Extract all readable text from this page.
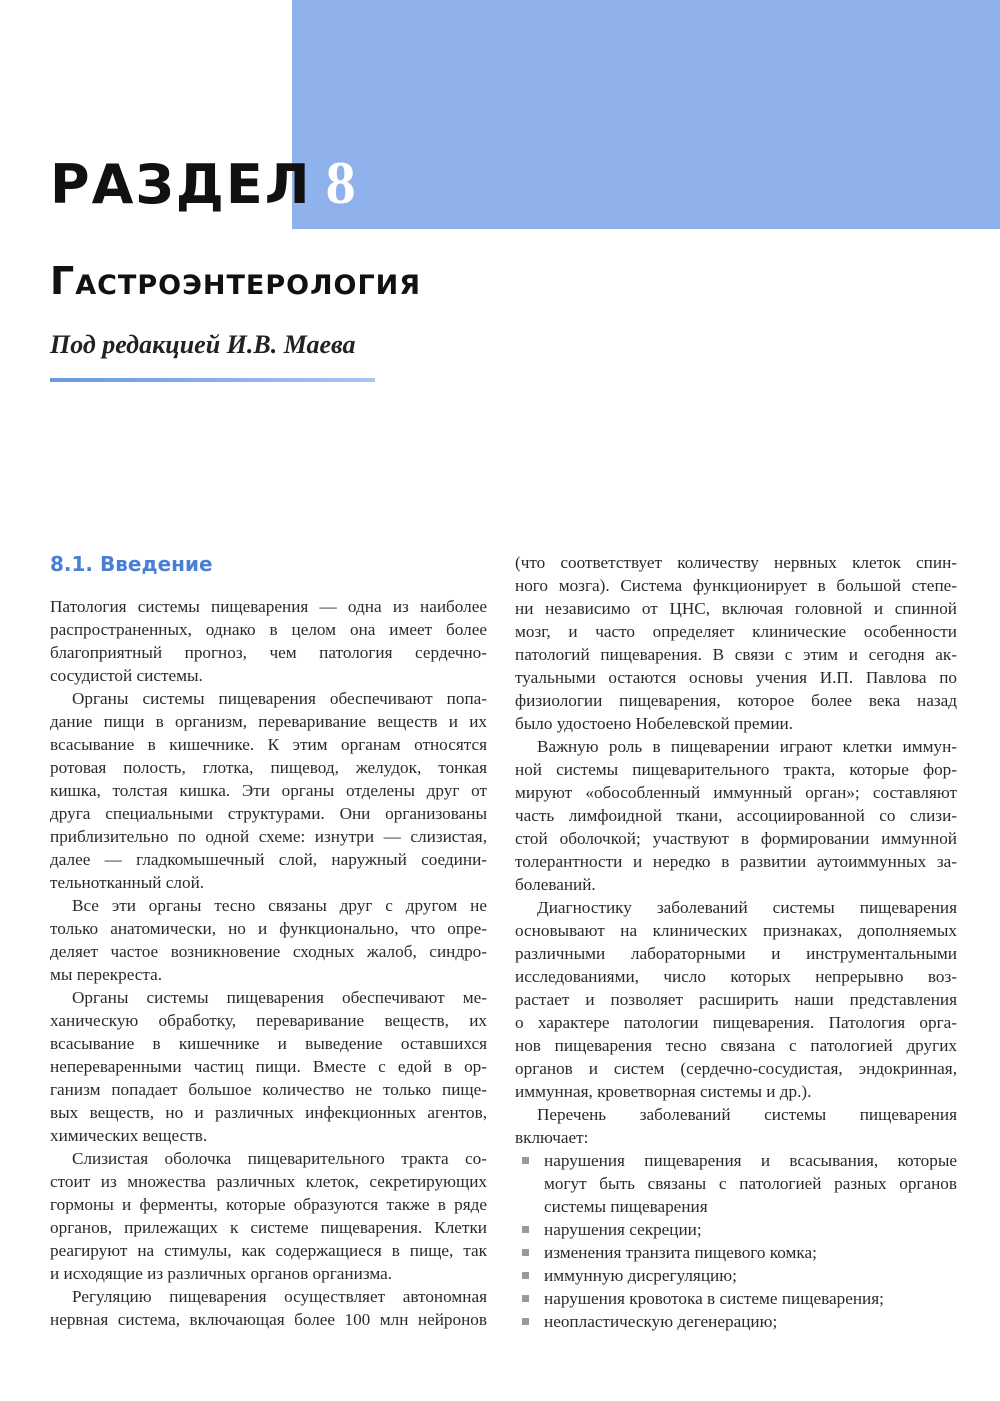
РАЗДЕЛ 8
Гастроэнтерология
Под редакцией И.В. Маева
8.1. Введение
Патология системы пищеварения — одна из наиболее
распространенных, однако в целом она имеет более
благоприятный прогноз, чем патология сердечно-
сосудистой системы.
Органы системы пищеварения обеспечивают попа-
дание пищи в организм, переваривание веществ и их
всасывание в кишечнике. К этим органам относятся
ротовая полость, глотка, пищевод, желудок, тонкая
кишка, толстая кишка. Эти органы отделены друг от
друга специальными структурами. Они организованы
приблизительно по одной схеме: изнутри — слизистая,
далее — гладкомышечный слой, наружный соедини-
тельнотканный слой.
Все эти органы тесно связаны друг с другом не
только анатомически, но и функционально, что опре-
деляет частое возникновение сходных жалоб, синдро-
мы перекреста.
Органы системы пищеварения обеспечивают ме-
ханическую обработку, переваривание веществ, их
всасывание в кишечнике и выведение оставшихся
непереваренными частиц пищи. Вместе с едой в ор-
ганизм попадает большое количество не только пище-
вых веществ, но и различных инфекционных агентов,
химических веществ.
Слизистая оболочка пищеварительного тракта со-
стоит из множества различных клеток, секретирующих
гормоны и ферменты, которые образуются также в ряде
органов, прилежащих к системе пищеварения. Клетки
реагируют на стимулы, как содержащиеся в пище, так
и исходящие из различных органов организма.
Регуляцию пищеварения осуществляет автономная
нервная система, включающая более 100 млн нейронов
(что соответствует количеству нервных клеток спин-
ного мозга). Система функционирует в большой степе-
ни независимо от ЦНС, включая головной и спинной
мозг, и часто определяет клинические особенности
патологий пищеварения. В связи с этим и сегодня ак-
туальными остаются основы учения И.П. Павлова по
физиологии пищеварения, которое более века назад
было удостоено Нобелевской премии.
Важную роль в пищеварении играют клетки иммун-
ной системы пищеварительного тракта, которые фор-
мируют «обособленный иммунный орган»; составляют
часть лимфоидной ткани, ассоциированной со слизи-
стой оболочкой; участвуют в формировании иммунной
толерантности и нередко в развитии аутоиммунных за-
болеваний.
Диагностику заболеваний системы пищеварения
основывают на клинических признаках, дополняемых
различными лабораторными и инструментальными
исследованиями, число которых непрерывно воз-
растает и позволяет расширить наши представления
о характере патологии пищеварения. Патология орга-
нов пищеварения тесно связана с патологией других
органов и систем (сердечно-сосудистая, эндокринная,
иммунная, кроветворная системы и др.).
Перечень заболеваний системы пищеварения
включает:
нарушения пищеварения и всасывания, которые
могут быть связаны с патологией разных органов
системы пищеварения
нарушения секреции;
изменения транзита пищевого комка;
иммунную дисрегуляцию;
нарушения кровотока в системе пищеварения;
неопластическую дегенерацию;
